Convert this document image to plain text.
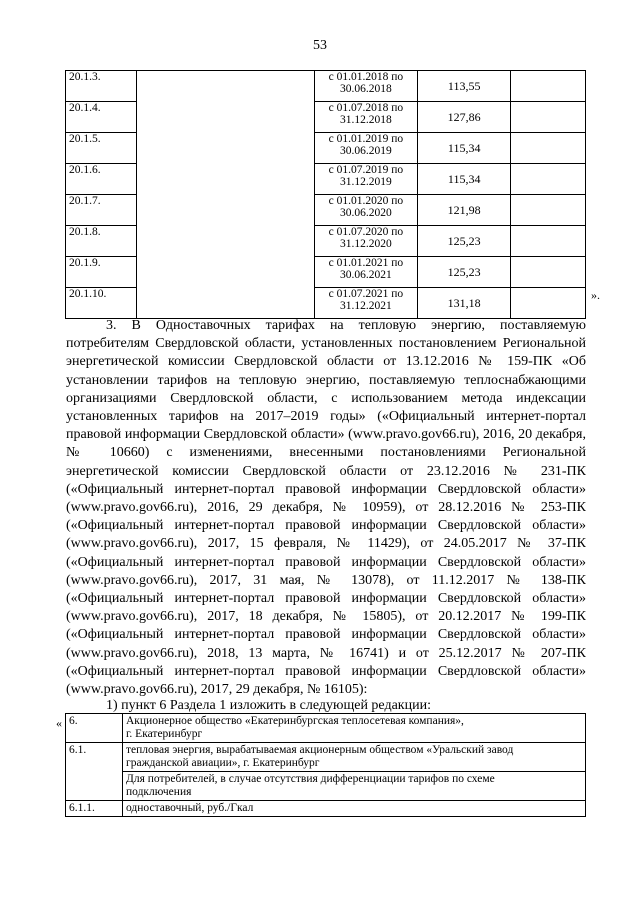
53
20.1.3.		с 01.01.2018 по
30.06.2018	113,55	
20.1.4.		с 01.07.2018 по
31.12.2018	127,86	
20.1.5.		с 01.01.2019 по
30.06.2019	115,34	
20.1.6.		с 01.07.2019 по
31.12.2019	115,34	
20.1.7.		с 01.01.2020 по
30.06.2020	121,98	
20.1.8.		с 01.07.2020 по
31.12.2020	125,23	
20.1.9.		с 01.01.2021 по
30.06.2021	125,23	
20.1.10.		с 01.07.2021 по
31.12.2021	131,18	
».

3. В Одноставочных тарифах на тепловую энергию, поставляемую потребителям Свердловской области, установленных постановлением Региональной энергетической комиссии Свердловской области от 13.12.2016 № 159-ПК «Об установлении тарифов на тепловую энергию, поставляемую теплоснабжающими организациями Свердловской области, с использованием метода индексации установленных тарифов на 2017–2019 годы» («Официальный интернет-портал правовой информации Свердловской области» (www.pravo.gov66.ru), 2016, 20 декабря, № 10660) с изменениями, внесенными постановлениями Региональной энергетической комиссии Свердловской области от 23.12.2016 № 231-ПК («Официальный интернет-портал правовой информации Свердловской области» (www.pravo.gov66.ru), 2016, 29 декабря, № 10959), от 28.12.2016 № 253-ПК («Официальный интернет-портал правовой информации Свердловской области» (www.pravo.gov66.ru), 2017, 15 февраля, № 11429), от 24.05.2017 № 37-ПК («Официальный интернет-портал правовой информации Свердловской области» (www.pravo.gov66.ru), 2017, 31 мая, № 13078), от 11.12.2017 № 138-ПК («Официальный интернет-портал правовой информации Свердловской области» (www.pravo.gov66.ru), 2017, 18 декабря, № 15805), от 20.12.2017 № 199-ПК («Официальный интернет-портал правовой информации Свердловской области» (www.pravo.gov66.ru), 2018, 13 марта, № 16741) и от 25.12.2017 № 207-ПК («Официальный интернет-портал правовой информации Свердловской области» (www.pravo.gov66.ru), 2017, 29 декабря, № 16105):

1) пункт 6 Раздела 1 изложить в следующей редакции:
« 6.	Акционерное общество «Екатеринбургская теплосетевая компания»,
г. Екатеринбург
6.1.	тепловая энергия, вырабатываемая акционерным обществом «Уральский завод
гражданской авиации», г. Екатеринбург
	Для потребителей, в случае отсутствия дифференциации тарифов по схеме
подключения
6.1.1.	одноставочный, руб./Гкал
